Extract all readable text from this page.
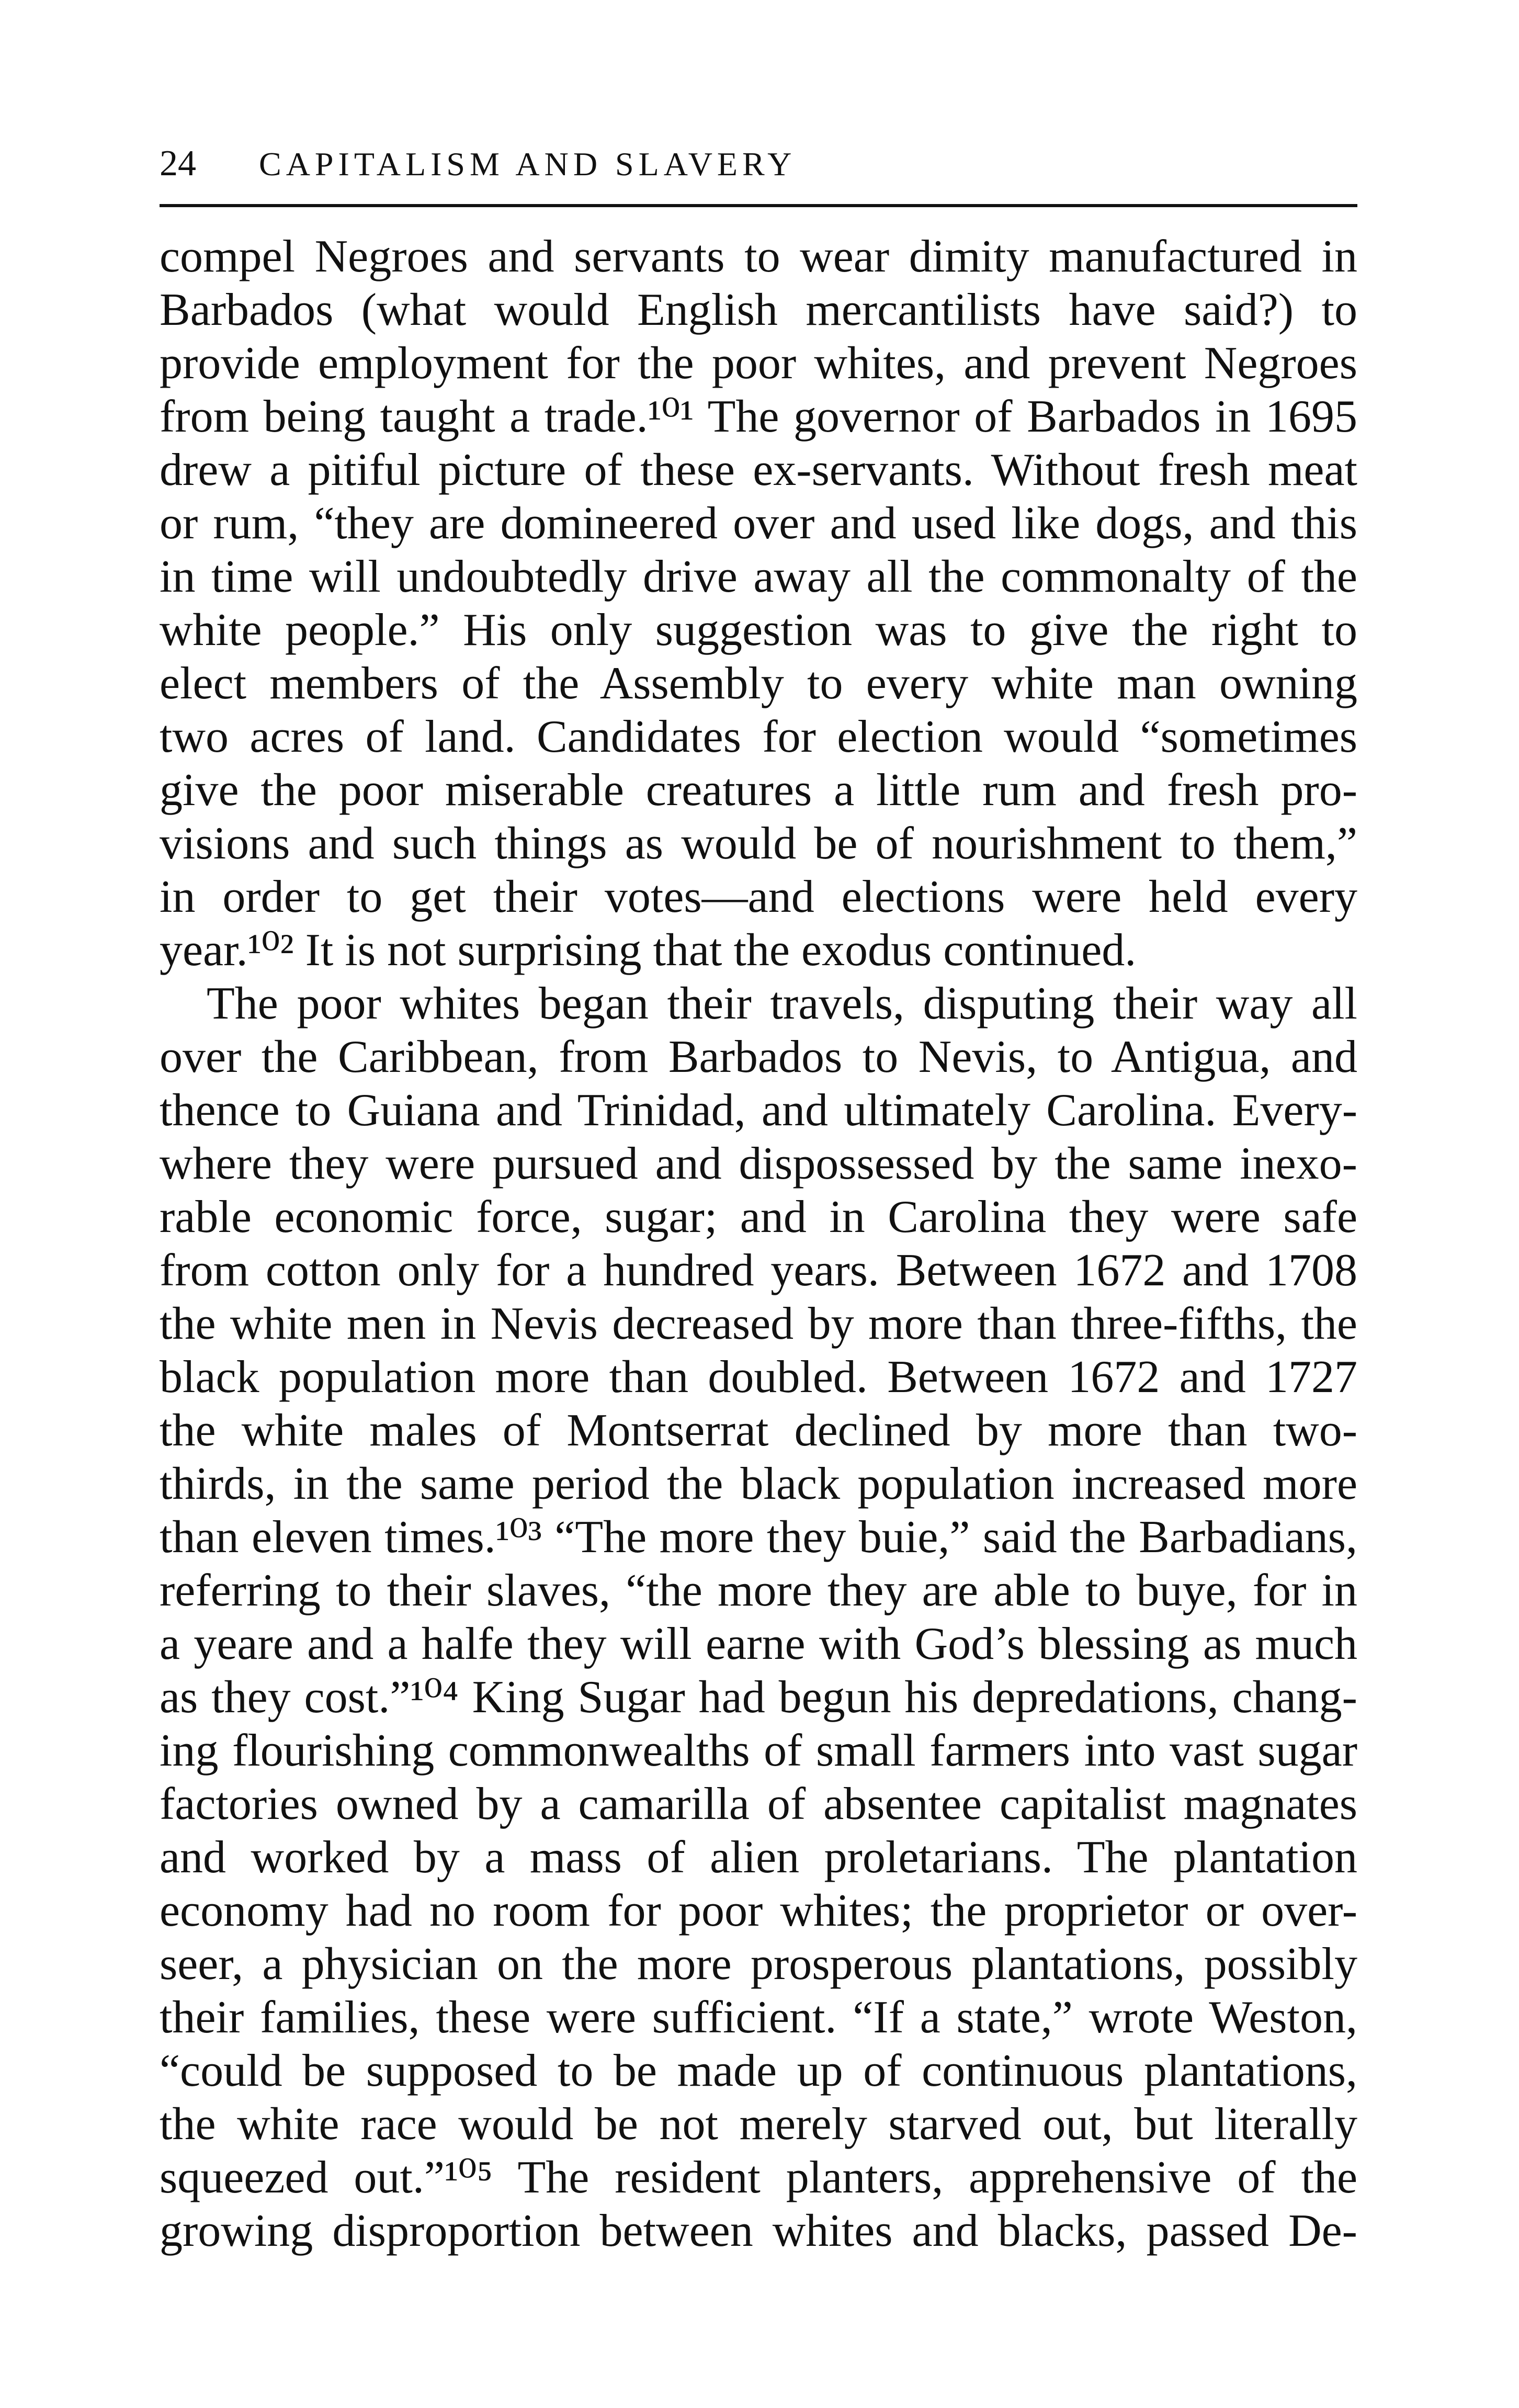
24	CAPITALISM AND SLAVERY
compel Negroes and servants to wear dimity manufactured in
Barbados (what would English mercantilists have said?) to
provide employment for the poor whites, and prevent Negroes
from being taught a trade.¹⁰¹ The governor of Barbados in 1695
drew a pitiful picture of these ex-servants. Without fresh meat
or rum, “they are domineered over and used like dogs, and this
in time will undoubtedly drive away all the commonalty of the
white people.” His only suggestion was to give the right to
elect members of the Assembly to every white man owning
two acres of land. Candidates for election would “sometimes
give the poor miserable creatures a little rum and fresh pro-
visions and such things as would be of nourishment to them,”
in order to get their votes—and elections were held every
year.¹⁰² It is not surprising that the exodus continued.
The poor whites began their travels, disputing their way all
over the Caribbean, from Barbados to Nevis, to Antigua, and
thence to Guiana and Trinidad, and ultimately Carolina. Every-
where they were pursued and dispossessed by the same inexo-
rable economic force, sugar; and in Carolina they were safe
from cotton only for a hundred years. Between 1672 and 1708
the white men in Nevis decreased by more than three-fifths, the
black population more than doubled. Between 1672 and 1727
the white males of Montserrat declined by more than two-
thirds, in the same period the black population increased more
than eleven times.¹⁰³ “The more they buie,” said the Barbadians,
referring to their slaves, “the more they are able to buye, for in
a yeare and a halfe they will earne with God’s blessing as much
as they cost.”¹⁰⁴ King Sugar had begun his depredations, chang-
ing flourishing commonwealths of small farmers into vast sugar
factories owned by a camarilla of absentee capitalist magnates
and worked by a mass of alien proletarians. The plantation
economy had no room for poor whites; the proprietor or over-
seer, a physician on the more prosperous plantations, possibly
their families, these were sufficient. “If a state,” wrote Weston,
“could be supposed to be made up of continuous plantations,
the white race would be not merely starved out, but literally
squeezed out.”¹⁰⁵ The resident planters, apprehensive of the
growing disproportion between whites and blacks, passed De-
